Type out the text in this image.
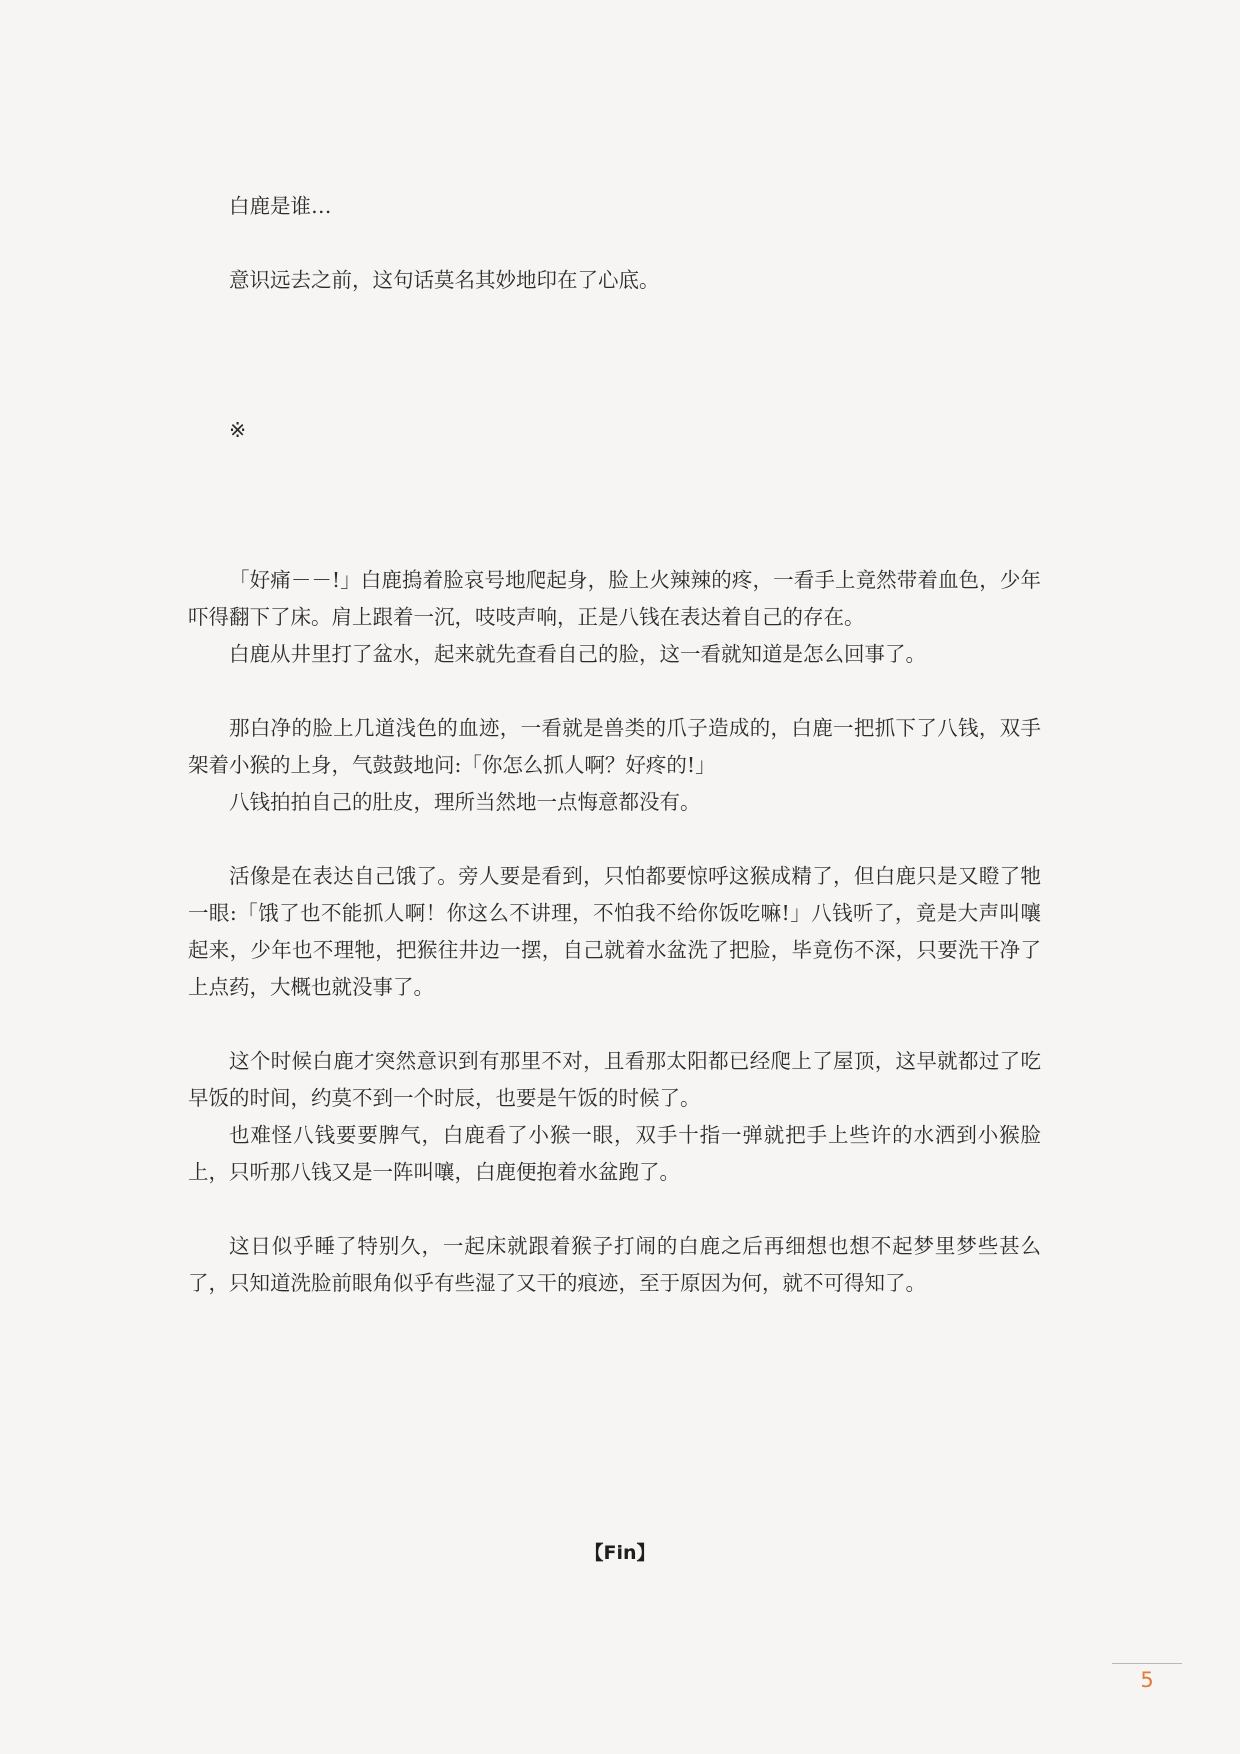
白鹿是谁…
意识远去之前，这句话莫名其妙地印在了心底。
※
「好痛－－!」白鹿摀着脸哀号地爬起身，脸上火辣辣的疼，一看手上竟然带着血色，少年吓得翻下了床。肩上跟着一沉，吱吱声响，正是八钱在表达着自己的存在。
白鹿从井里打了盆水，起来就先查看自己的脸，这一看就知道是怎么回事了。
那白净的脸上几道浅色的血迹，一看就是兽类的爪子造成的，白鹿一把抓下了八钱，双手架着小猴的上身，气鼓鼓地问:「你怎么抓人啊？好疼的!」
八钱拍拍自己的肚皮，理所当然地一点悔意都没有。
活像是在表达自己饿了。旁人要是看到，只怕都要惊呼这猴成精了，但白鹿只是又瞪了牠一眼:「饿了也不能抓人啊！你这么不讲理，不怕我不给你饭吃嘛!」八钱听了，竟是大声叫嚷起来，少年也不理牠，把猴往井边一摆，自己就着水盆洗了把脸，毕竟伤不深，只要洗干净了上点药，大概也就没事了。
这个时候白鹿才突然意识到有那里不对，且看那太阳都已经爬上了屋顶，这早就都过了吃早饭的时间，约莫不到一个时辰，也要是午饭的时候了。
也难怪八钱要要脾气，白鹿看了小猴一眼，双手十指一弹就把手上些许的水洒到小猴脸上，只听那八钱又是一阵叫嚷，白鹿便抱着水盆跑了。
这日似乎睡了特别久，一起床就跟着猴子打闹的白鹿之后再细想也想不起梦里梦些甚么了，只知道洗脸前眼角似乎有些湿了又干的痕迹，至于原因为何，就不可得知了。
【Fin】
5
